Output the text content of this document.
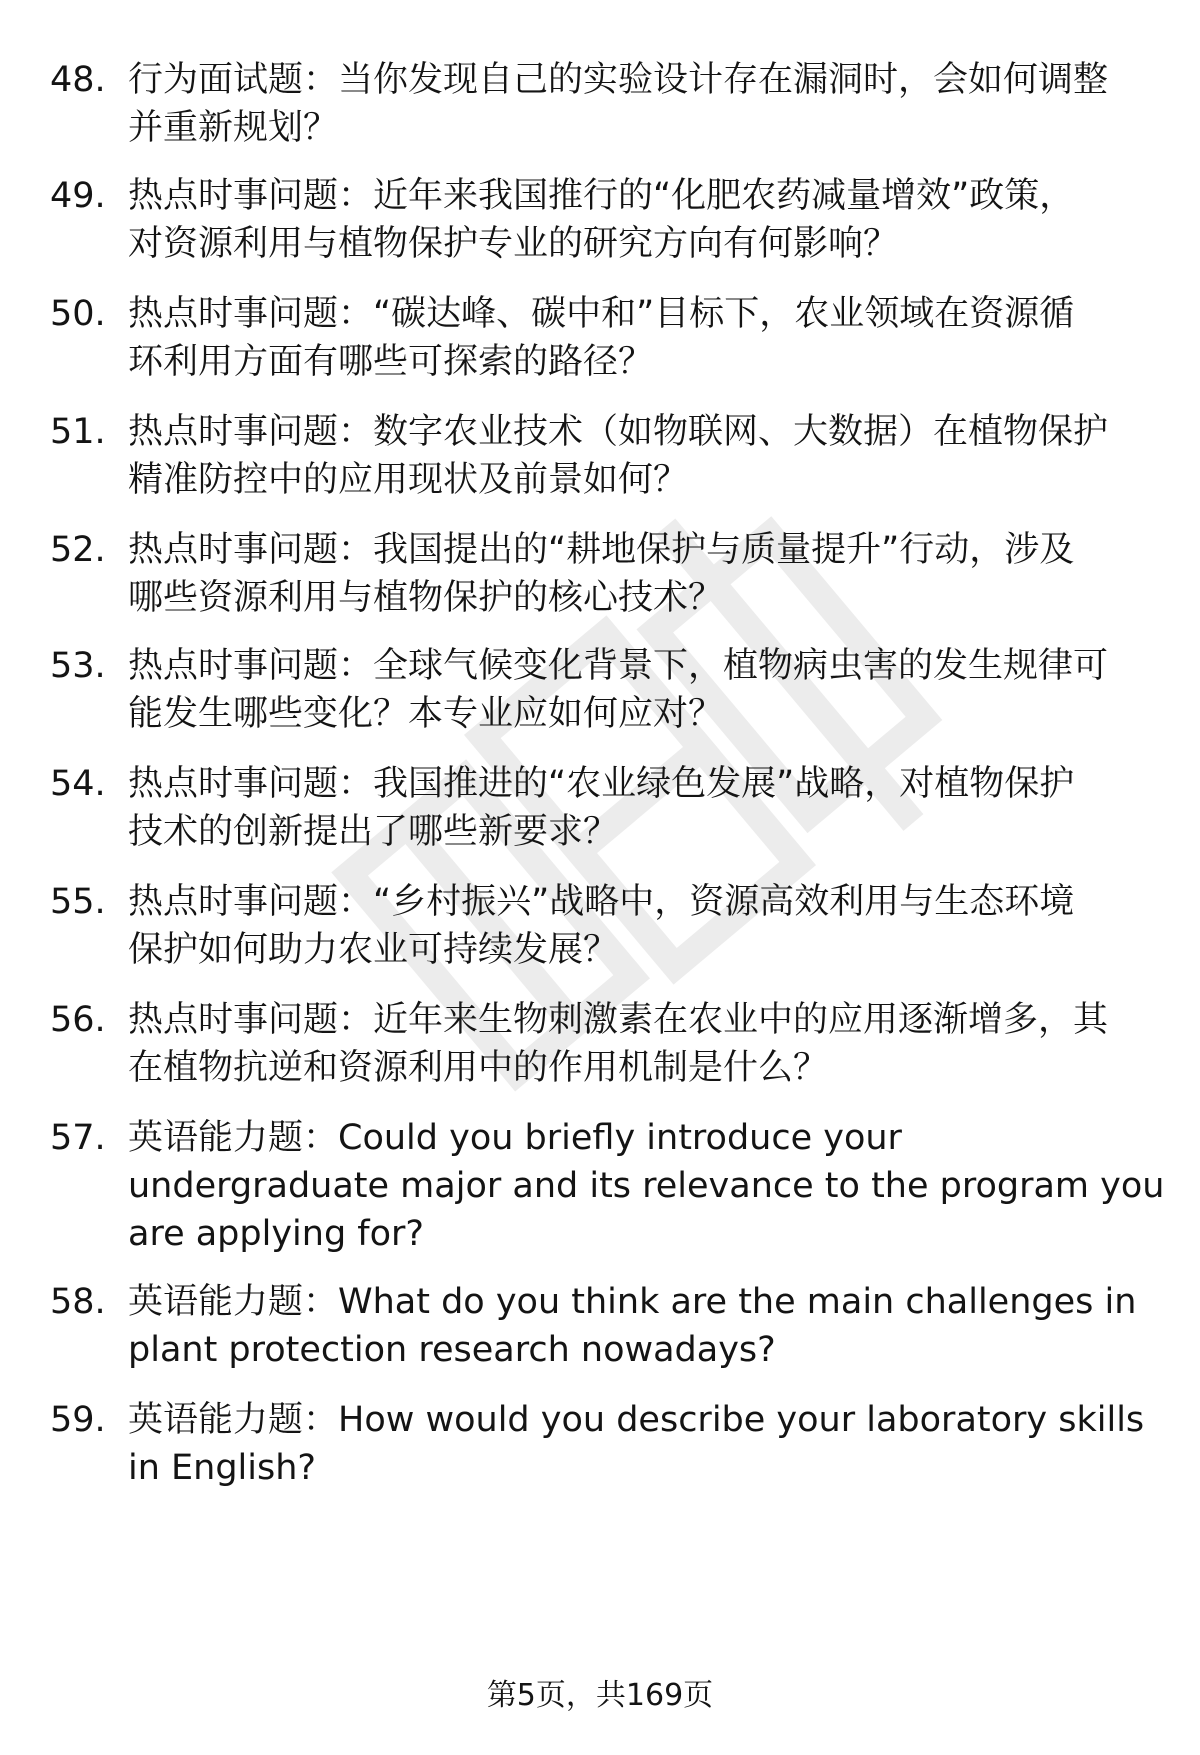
48. 行为面试题：当你发现自己的实验设计存在漏洞时，会如何调整
并重新规划？
49. 热点时事问题：近年来我国推行的“化肥农药减量增效”政策，
对资源利用与植物保护专业的研究方向有何影响？
50. 热点时事问题：“碳达峰、碳中和”目标下，农业领域在资源循
环利用方面有哪些可探索的路径？
51. 热点时事问题：数字农业技术（如物联网、大数据）在植物保护
精准防控中的应用现状及前景如何？
52. 热点时事问题：我国提出的“耕地保护与质量提升”行动，涉及
哪些资源利用与植物保护的核心技术？
53. 热点时事问题：全球气候变化背景下，植物病虫害的发生规律可
能发生哪些变化？本专业应如何应对？
54. 热点时事问题：我国推进的“农业绿色发展”战略，对植物保护
技术的创新提出了哪些新要求？
55. 热点时事问题：“乡村振兴”战略中，资源高效利用与生态环境
保护如何助力农业可持续发展？
56. 热点时事问题：近年来生物刺激素在农业中的应用逐渐增多，其
在植物抗逆和资源利用中的作用机制是什么？
57. 英语能力题：Could you briefly introduce your
undergraduate major and its relevance to the program you
are applying for?
58. 英语能力题：What do you think are the main challenges in
plant protection research nowadays?
59. 英语能力题：How would you describe your laboratory skills
in English?
第5页，共169页
